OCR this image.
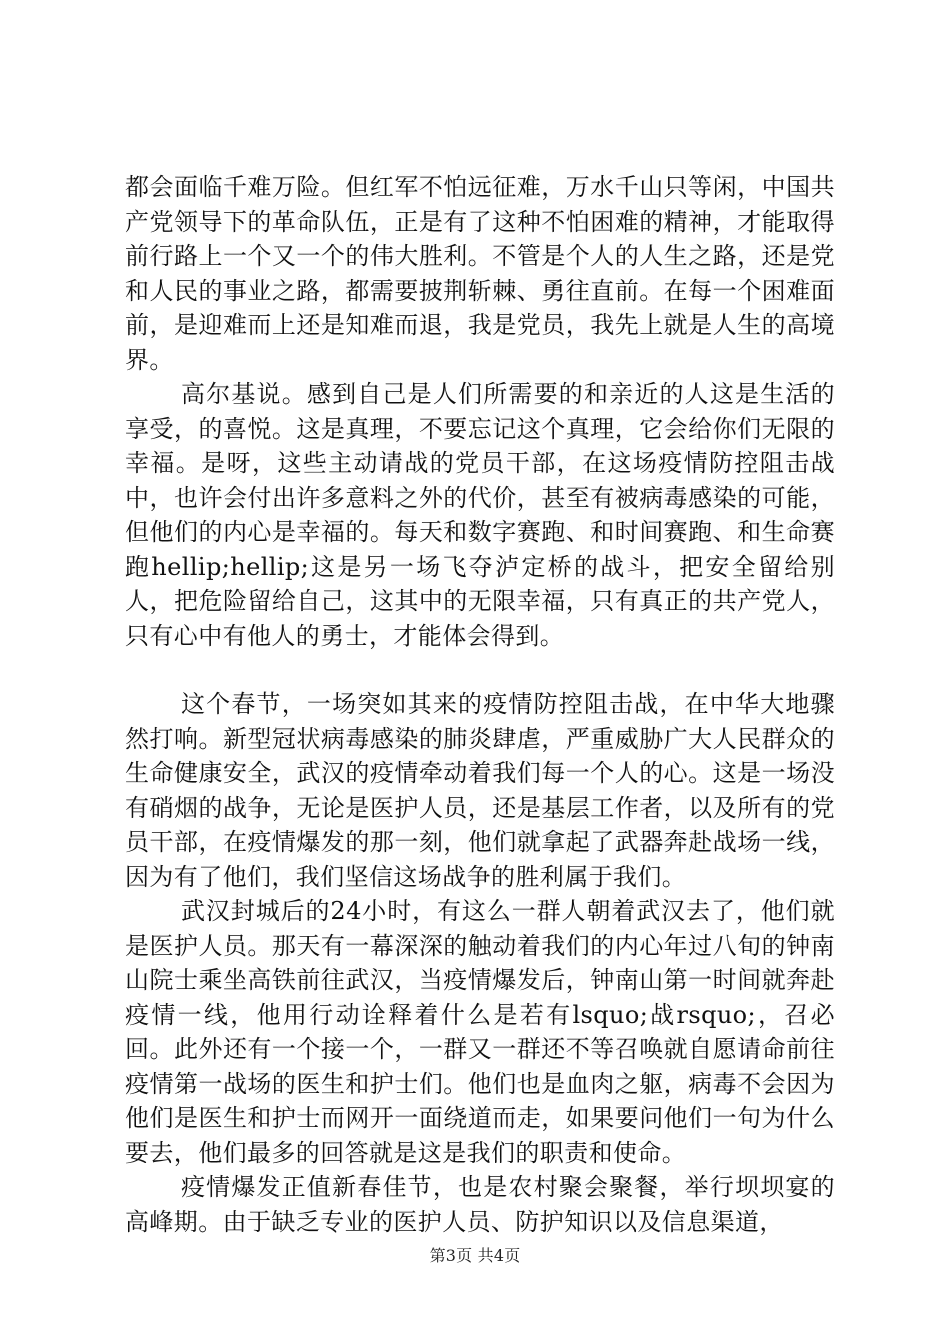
都会面临千难万险。但红军不怕远征难，万水千山只等闲，中国共产党领导下的革命队伍，正是有了这种不怕困难的精神，才能取得前行路上一个又一个的伟大胜利。不管是个人的人生之路，还是党和人民的事业之路，都需要披荆斩棘、勇往直前。在每一个困难面前，是迎难而上还是知难而退，我是党员，我先上就是人生的高境界。

高尔基说。感到自己是人们所需要的和亲近的人这是生活的享受，的喜悦。这是真理，不要忘记这个真理，它会给你们无限的幸福。是呀，这些主动请战的党员干部，在这场疫情防控阻击战中，也许会付出许多意料之外的代价，甚至有被病毒感染的可能，但他们的内心是幸福的。每天和数字赛跑、和时间赛跑、和生命赛跑hellip;hellip;这是另一场飞夺泸定桥的战斗，把安全留给别人，把危险留给自己，这其中的无限幸福，只有真正的共产党人，只有心中有他人的勇士，才能体会得到。

这个春节，一场突如其来的疫情防控阻击战，在中华大地骤然打响。新型冠状病毒感染的肺炎肆虐，严重威胁广大人民群众的生命健康安全，武汉的疫情牵动着我们每一个人的心。这是一场没有硝烟的战争，无论是医护人员，还是基层工作者，以及所有的党员干部，在疫情爆发的那一刻，他们就拿起了武器奔赴战场一线，因为有了他们，我们坚信这场战争的胜利属于我们。

武汉封城后的24小时，有这么一群人朝着武汉去了，他们就是医护人员。那天有一幕深深的触动着我们的内心年过八旬的钟南山院士乘坐高铁前往武汉，当疫情爆发后，钟南山第一时间就奔赴疫情一线，他用行动诠释着什么是若有lsquo;战rsquo;，召必回。此外还有一个接一个，一群又一群还不等召唤就自愿请命前往疫情第一战场的医生和护士们。他们也是血肉之躯，病毒不会因为他们是医生和护士而网开一面绕道而走，如果要问他们一句为什么要去，他们最多的回答就是这是我们的职责和使命。

疫情爆发正值新春佳节，也是农村聚会聚餐，举行坝坝宴的高峰期。由于缺乏专业的医护人员、防护知识以及信息渠道，

第3页 共4页
